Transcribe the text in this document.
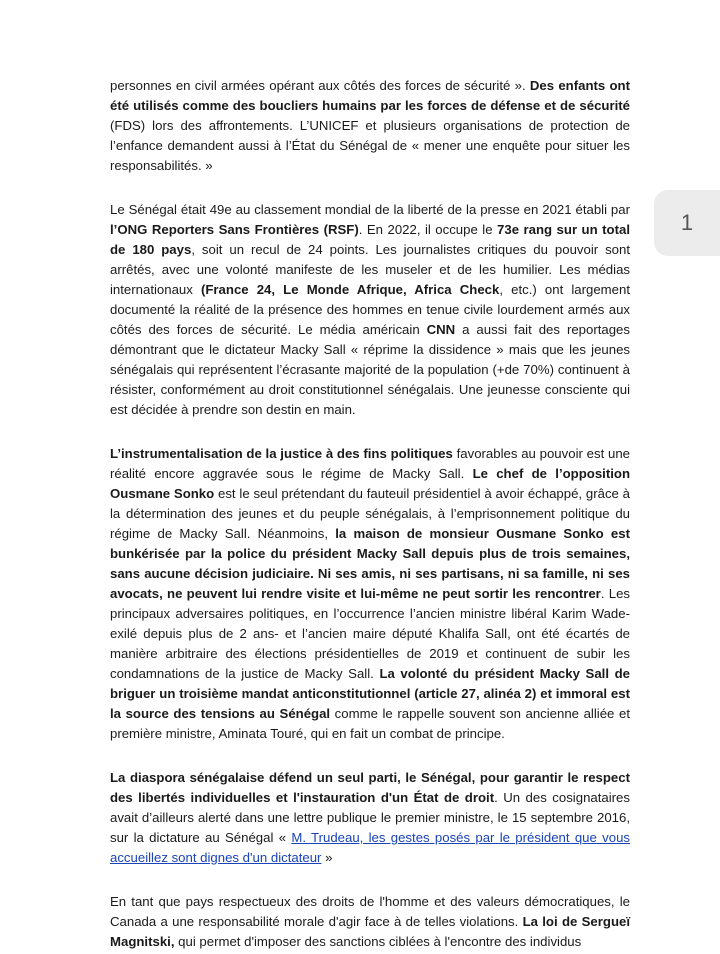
personnes en civil armées opérant aux côtés des forces de sécurité ». Des enfants ont été utilisés comme des boucliers humains par les forces de défense et de sécurité (FDS) lors des affrontements. L’UNICEF et plusieurs organisations de protection de l’enfance demandent aussi à l’État du Sénégal de « mener une enquête pour situer les responsabilités. »

Le Sénégal était 49e au classement mondial de la liberté de la presse en 2021 établi par l’ONG Reporters Sans Frontières (RSF). En 2022, il occupe le 73e rang sur un total de 180 pays, soit un recul de 24 points. Les journalistes critiques du pouvoir sont arrêtés, avec une volonté manifeste de les museler et de les humilier. Les médias internationaux (France 24, Le Monde Afrique, Africa Check, etc.) ont largement documenté la réalité de la présence des hommes en tenue civile lourdement armés aux côtés des forces de sécurité. Le média américain CNN a aussi fait des reportages démontrant que le dictateur Macky Sall « réprime la dissidence » mais que les jeunes sénégalais qui représentent l’écrasante majorité de la population (+de 70%) continuent à résister, conformément au droit constitutionnel sénégalais. Une jeunesse consciente qui est décidée à prendre son destin en main.

L’instrumentalisation de la justice à des fins politiques favorables au pouvoir est une réalité encore aggravée sous le régime de Macky Sall. Le chef de l’opposition Ousmane Sonko est le seul prétendant du fauteuil présidentiel à avoir échappé, grâce à la détermination des jeunes et du peuple sénégalais, à l’emprisonnement politique du régime de Macky Sall. Néanmoins, la maison de monsieur Ousmane Sonko est bunkérisée par la police du président Macky Sall depuis plus de trois semaines, sans aucune décision judiciaire. Ni ses amis, ni ses partisans, ni sa famille, ni ses avocats, ne peuvent lui rendre visite et lui-même ne peut sortir les rencontrer. Les principaux adversaires politiques, en l’occurrence l’ancien ministre libéral Karim Wade-exilé depuis plus de 2 ans- et l’ancien maire député Khalifa Sall, ont été écartés de manière arbitraire des élections présidentielles de 2019 et continuent de subir les condamnations de la justice de Macky Sall. La volonté du président Macky Sall de briguer un troisième mandat anticonstitutionnel (article 27, alinéa 2) et immoral est la source des tensions au Sénégal comme le rappelle souvent son ancienne alliée et première ministre, Aminata Touré, qui en fait un combat de principe.

La diaspora sénégalaise défend un seul parti, le Sénégal, pour garantir le respect des libertés individuelles et l'instauration d'un État de droit. Un des cosignataires avait d’ailleurs alerté dans une lettre publique le premier ministre, le 15 septembre 2016, sur la dictature au Sénégal « M. Trudeau, les gestes posés par le président que vous accueillez sont dignes d'un dictateur »

En tant que pays respectueux des droits de l'homme et des valeurs démocratiques, le Canada a une responsabilité morale d'agir face à de telles violations. La loi de Sergueï Magnitski, qui permet d'imposer des sanctions ciblées à l'encontre des individus

1
